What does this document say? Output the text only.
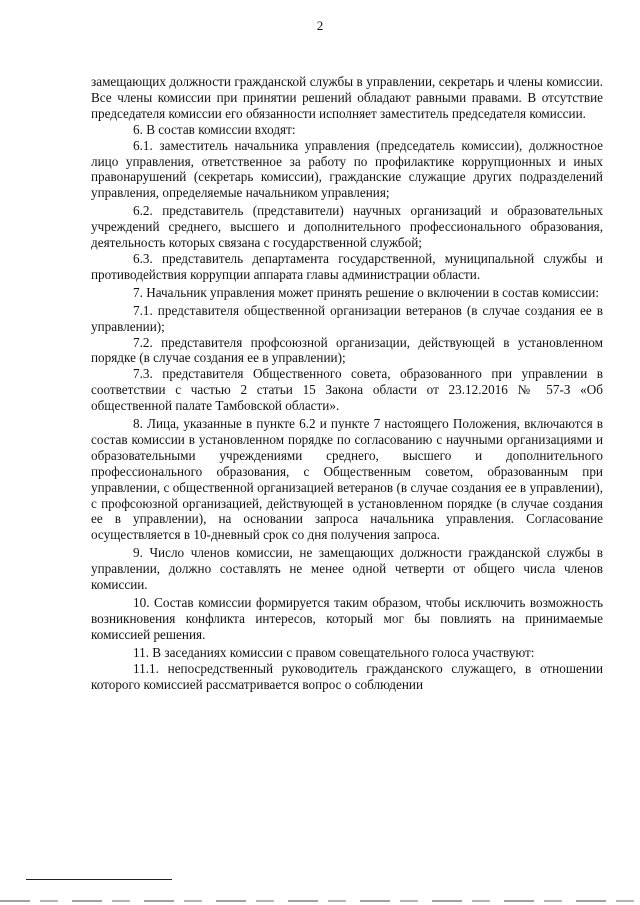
2

замещающих должности гражданской службы в управлении, секретарь и члены комиссии. Все члены комиссии при принятии решений обладают равными правами. В отсутствие председателя комиссии его обязанности исполняет заместитель председателя комиссии.

6. В состав комиссии входят:

6.1. заместитель начальника управления (председатель комиссии), должностное лицо управления, ответственное за работу по профилактике коррупционных и иных правонарушений (секретарь комиссии), гражданские служащие других подразделений управления, определяемые начальником управления;

6.2. представитель (представители) научных организаций и образовательных учреждений среднего, высшего и дополнительного профессионального образования, деятельность которых связана с государственной службой;

6.3. представитель департамента государственной, муниципальной службы и противодействия коррупции аппарата главы администрации области.

7. Начальник управления может принять решение о включении в состав комиссии:

7.1. представителя общественной организации ветеранов (в случае создания ее в управлении);

7.2. представителя профсоюзной организации, действующей в установленном порядке (в случае создания ее в управлении);

7.3. представителя Общественного совета, образованного при управлении в соответствии с частью 2 статьи 15 Закона области от 23.12.2016 № 57-З «Об общественной палате Тамбовской области».

8. Лица, указанные в пункте 6.2 и пункте 7 настоящего Положения, включаются в состав комиссии в установленном порядке по согласованию с научными организациями и образовательными учреждениями среднего, высшего и дополнительного профессионального образования, с Общественным советом, образованным при управлении, с общественной организацией ветеранов (в случае создания ее в управлении), с профсоюзной организацией, действующей в установленном порядке (в случае создания ее в управлении), на основании запроса начальника управления. Согласование осуществляется в 10-дневный срок со дня получения запроса.

9. Число членов комиссии, не замещающих должности гражданской службы в управлении, должно составлять не менее одной четверти от общего числа членов комиссии.

10. Состав комиссии формируется таким образом, чтобы исключить возможность возникновения конфликта интересов, который мог бы повлиять на принимаемые комиссией решения.

11. В заседаниях комиссии с правом совещательного голоса участвуют:

11.1. непосредственный руководитель гражданского служащего, в отношении которого комиссией рассматривается вопрос о соблюдении
